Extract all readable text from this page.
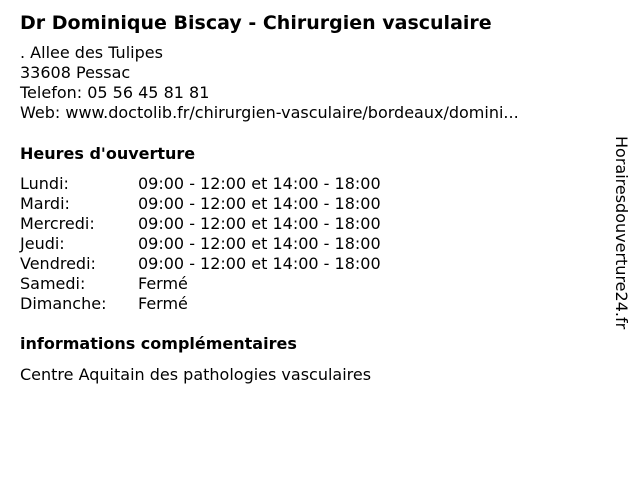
Dr Dominique Biscay - Chirurgien vasculaire
. Allee des Tulipes
33608 Pessac
Telefon: 05 56 45 81 81
Web: www.doctolib.fr/chirurgien-vasculaire/bordeaux/domini...
Heures d'ouverture
Lundi:	09:00 - 12:00 et 14:00 - 18:00
Mardi:	09:00 - 12:00 et 14:00 - 18:00
Mercredi:	09:00 - 12:00 et 14:00 - 18:00
Jeudi:	09:00 - 12:00 et 14:00 - 18:00
Vendredi:	09:00 - 12:00 et 14:00 - 18:00
Samedi:	Fermé
Dimanche:	Fermé
informations complémentaires
Centre Aquitain des pathologies vasculaires
Horairesdouverture24.fr
